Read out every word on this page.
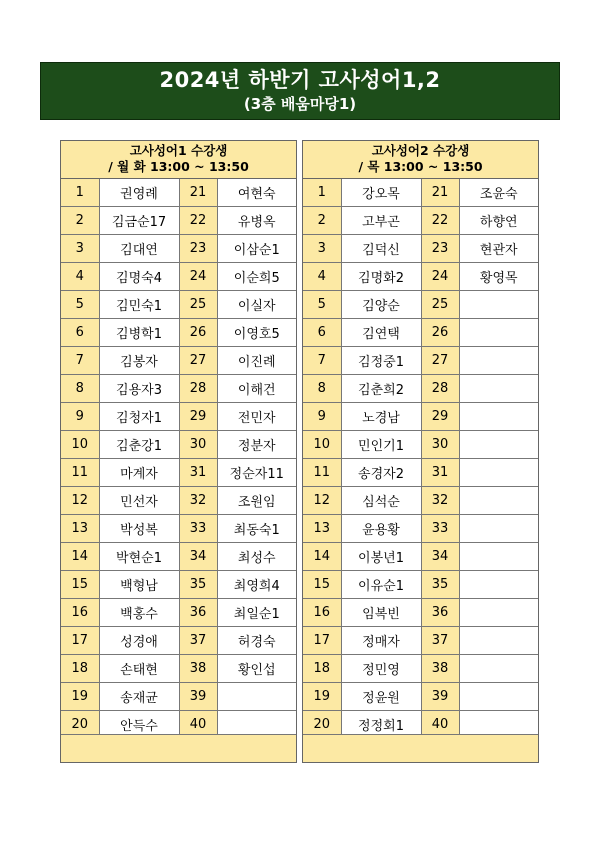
2024년 하반기 고사성어1,2
(3층 배움마당1)
고사성어1 수강생
/ 월 화 13:00 ~ 13:50
1	권영례	21	여현숙
2	김금순17	22	유병옥
3	김대연	23	이삼순1
4	김명숙4	24	이순희5
5	김민숙1	25	이실자
6	김병학1	26	이영호5
7	김봉자	27	이진례
8	김용자3	28	이해건
9	김청자1	29	전민자
10	김춘강1	30	정분자
11	마계자	31	정순자11
12	민선자	32	조원임
13	박성복	33	최동숙1
14	박현순1	34	최성수
15	백형남	35	최영희4
16	백홍수	36	최일순1
17	성경애	37	허경숙
18	손태현	38	황인섭
19	송재균	39	
20	안득수	40	
고사성어2 수강생
/ 목 13:00 ~ 13:50
1	강오목	21	조윤숙
2	고부곤	22	하향연
3	김덕신	23	현관자
4	김명화2	24	황영목
5	김양순	25	
6	김연택	26	
7	김정중1	27	
8	김춘희2	28	
9	노경남	29	
10	민인기1	30	
11	송경자2	31	
12	심석순	32	
13	윤용황	33	
14	이봉년1	34	
15	이유순1	35	
16	임복빈	36	
17	정매자	37	
18	정민영	38	
19	정윤원	39	
20	정정회1	40	
